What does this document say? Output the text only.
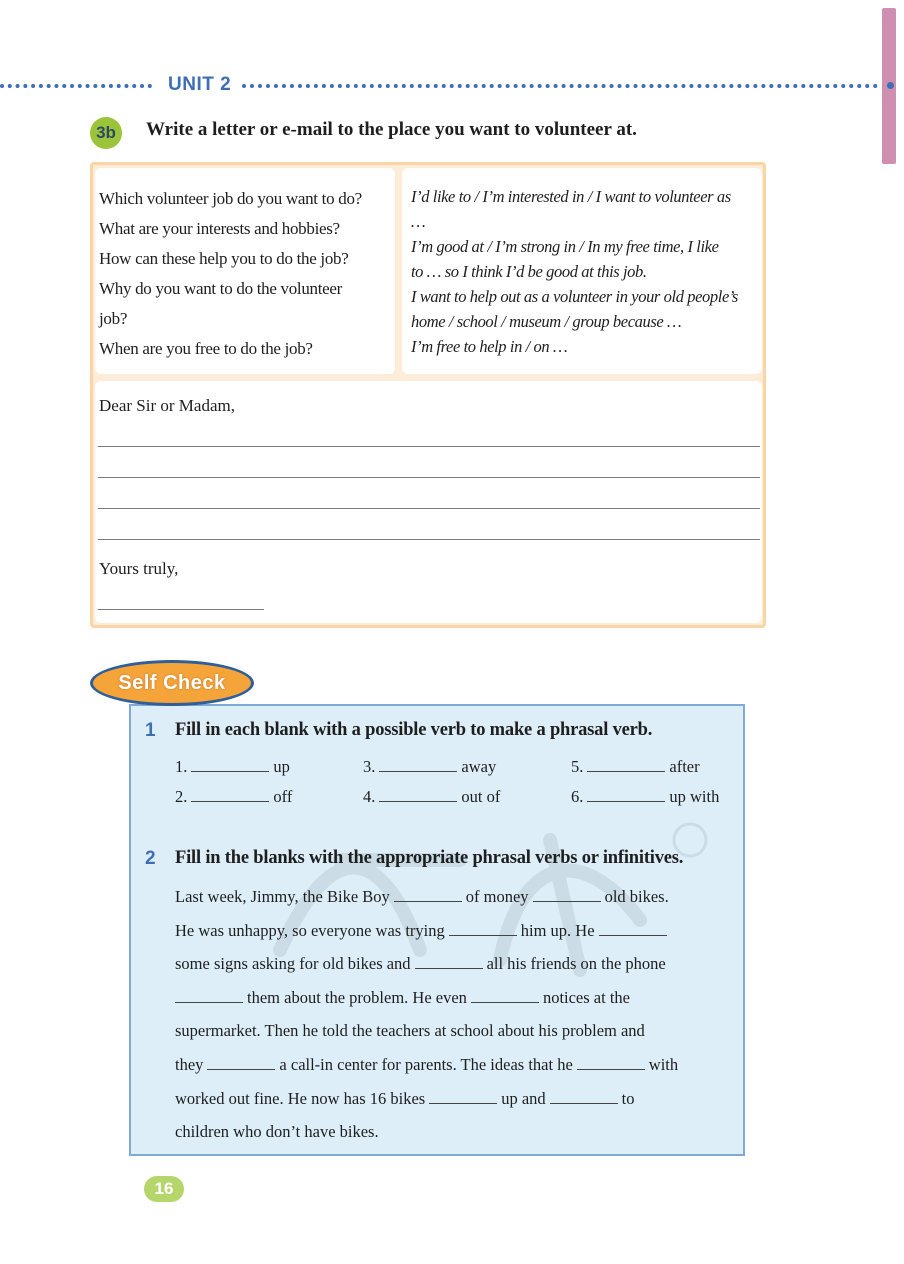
UNIT 2
3b	Write a letter or e-mail to the place you want to volunteer at.
Which volunteer job do you want to do?
What are your interests and hobbies?
How can these help you to do the job?
Why do you want to do the volunteer
job?
When are you free to do the job?
I’d like to / I’m interested in / I want to volunteer as
…
I’m good at / I’m strong in / In my free time, I like
to … so I think I’d be good at this job.
I want to help out as a volunteer in your old people’s
home / school / museum / group because …
I’m free to help in / on …
Dear Sir or Madam,
Yours truly,
Self Check
1 Fill in each blank with a possible verb to make a phrasal verb.
1.	up	3.	away	5.	after
2.	off	4.	out of	6.	up with
2 Fill in the blanks with the appropriate phrasal verbs or infinitives.
Last week, Jimmy, the Bike Boy	of money	old bikes.
He was unhappy, so everyone was trying	him up. He
some signs asking for old bikes and	all his friends on the phone
them about the problem. He even	notices at the
supermarket. Then he told the teachers at school about his problem and
they	a call-in center for parents. The ideas that he	with
worked out fine. He now has 16 bikes	up and	to
children who don’t have bikes.
16
